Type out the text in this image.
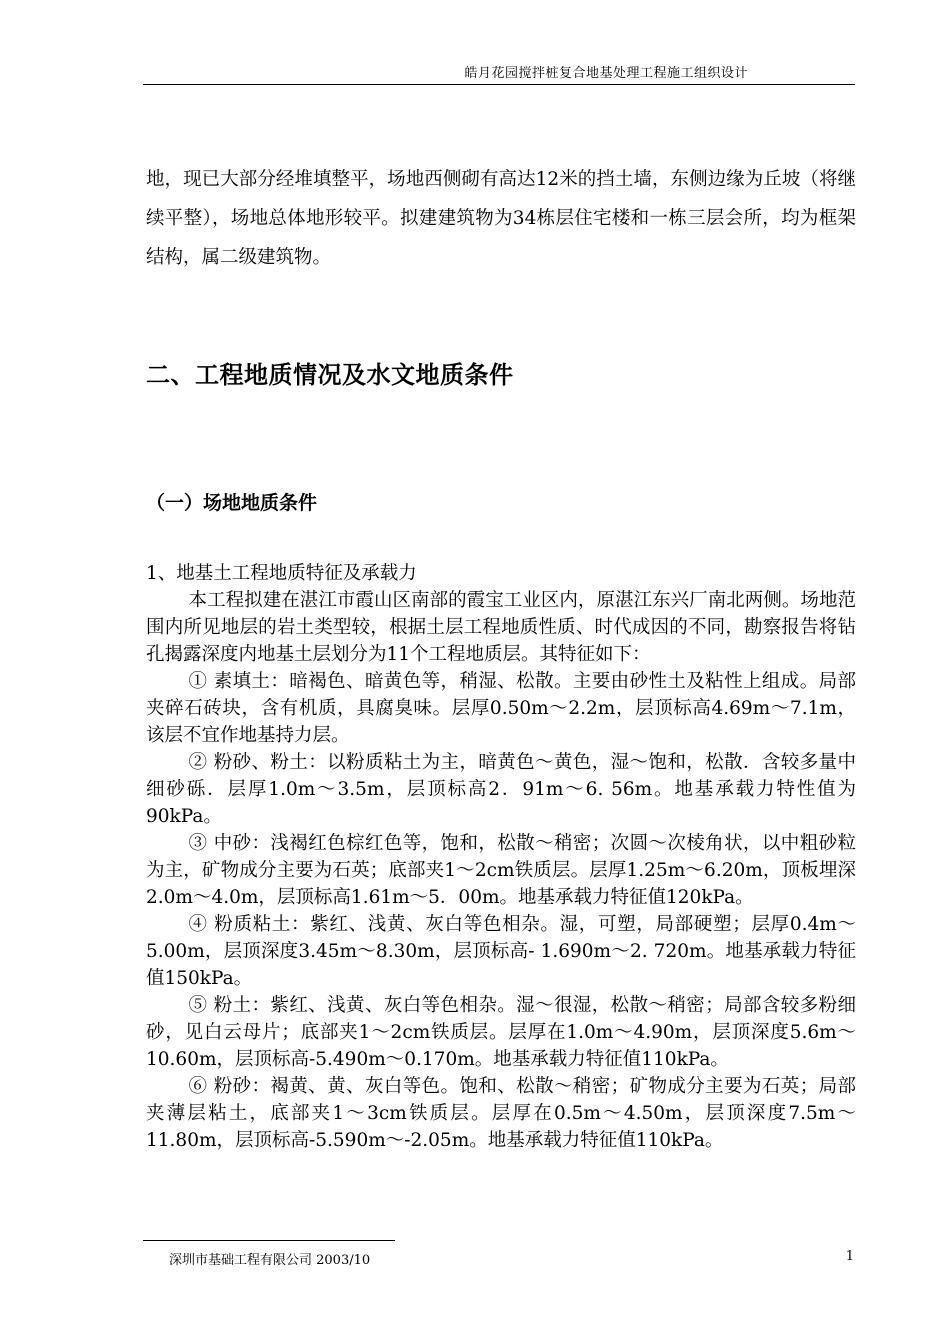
皓月花园搅拌桩复合地基处理工程施工组织设计

地，现已大部分经堆填整平，场地西侧砌有高达12米的挡土墙，东侧边缘为丘坡（将继续平整），场地总体地形较平。拟建建筑物为34栋层住宅楼和一栋三层会所，均为框架结构，属二级建筑物。

二、工程地质情况及水文地质条件
（一）场地地质条件

1、地基土工程地质特征及承载力

本工程拟建在湛江市霞山区南部的霞宝工业区内，原湛江东兴厂南北两侧。场地范围内所见地层的岩土类型较，根据土层工程地质性质、时代成因的不同，勘察报告将钻孔揭露深度内地基土层划分为11个工程地质层。其特征如下：

① 素填土：暗褐色、暗黄色等，稍湿、松散。主要由砂性土及粘性上组成。局部夹碎石砖块，含有机质，具腐臭味。层厚0.50m～2.2m，层顶标高4.69m～7.1m，该层不宜作地基持力层。

② 粉砂、粉土：以粉质粘土为主，暗黄色～黄色，湿～饱和，松散．含较多量中细砂砾．层厚1.0m～3.5m，层顶标高2．91m～6. 56m。地基承载力特性值为90kPa。

③ 中砂：浅褐红色棕红色等，饱和，松散～稍密；次圆～次棱角状，以中粗砂粒为主，矿物成分主要为石英；底部夹1～2cm铁质层。层厚1.25m～6.20m，顶板埋深2.0m～4.0m，层顶标高1.61m～5．00m。地基承载力特征值120kPa。

④ 粉质粘土：紫红、浅黄、灰白等色相杂。湿，可塑，局部硬塑；层厚0.4m～5.00m，层顶深度3.45m～8.30m，层顶标高- 1.690m～2. 720m。地基承载力特征值150kPa。

⑤ 粉土：紫红、浅黄、灰白等色相杂。湿～很湿，松散～稍密；局部含较多粉细砂，见白云母片；底部夹1～2cm铁质层。层厚在1.0m～4.90m，层顶深度5.6m～10.60m，层顶标高-5.490m～0.170m。地基承载力特征值110kPa。

⑥ 粉砂：褐黄、黄、灰白等色。饱和、松散～稍密；矿物成分主要为石英；局部夹薄层粘土，底部夹1～3cm铁质层。层厚在0.5m～4.50m，层顶深度7.5m～ 11.80m，层顶标高-5.590m～-2.05m。地基承载力特征值110kPa。

深圳市基础工程有限公司 2003/10	1
